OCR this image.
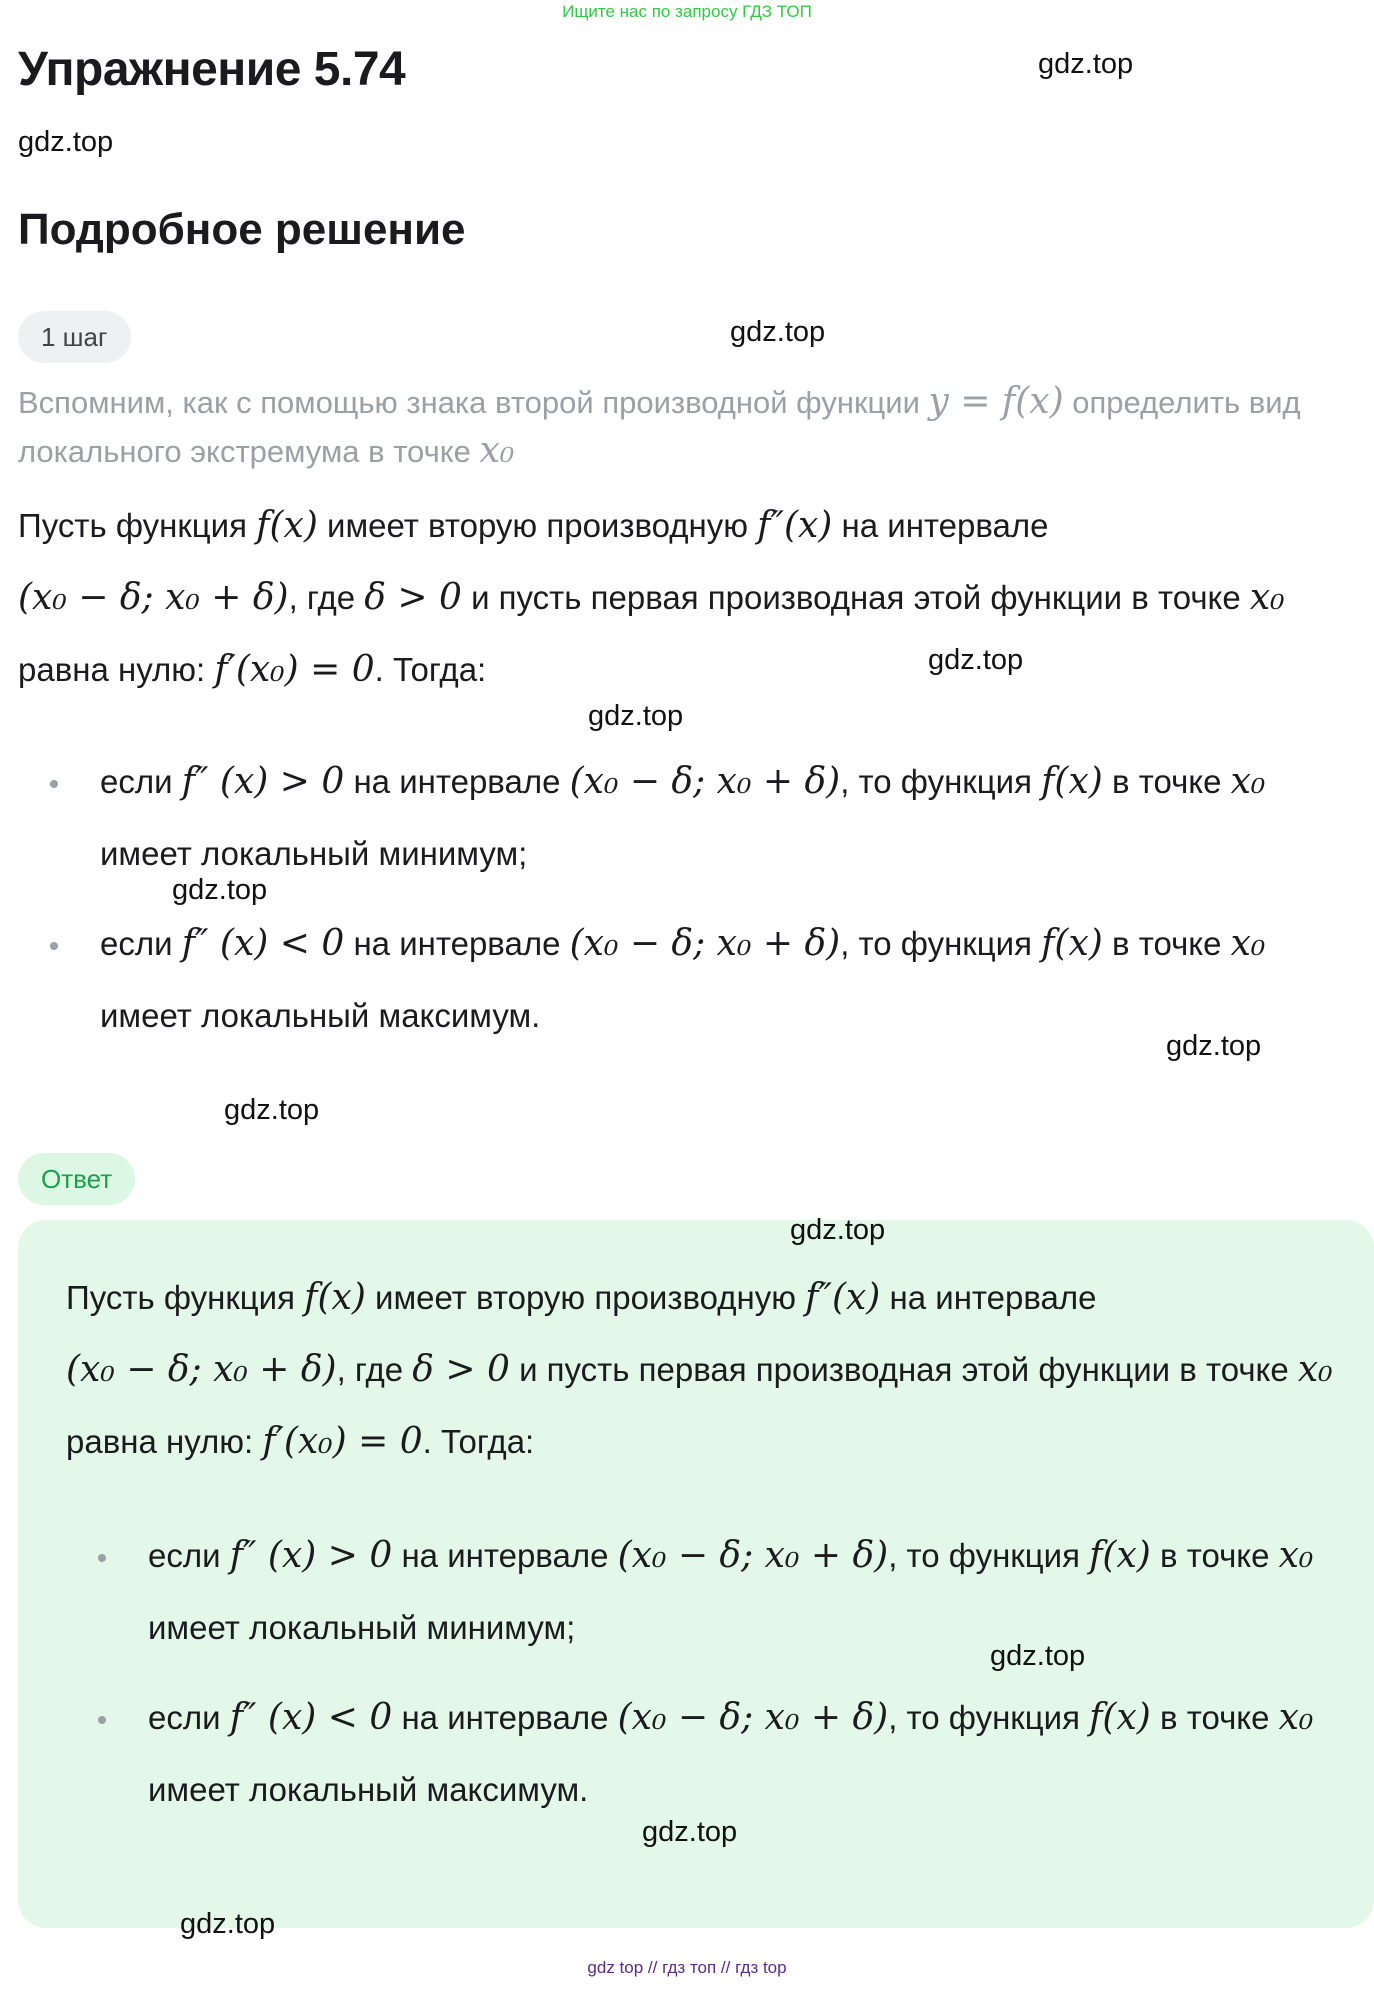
Ищите нас по запросу ГДЗ ТОП
Упражнение 5.74	gdz.top
gdz.top
Подробное решение
1 шаг	gdz.top
Вспомним, как с помощью знака второй производной функции y = f(x) определить вид локального экстремума в точке x₀
Пусть функция f(x) имеет вторую производную f″(x) на интервале
(x₀ − δ; x₀ + δ), где δ > 0 и пусть первая производная этой функции в точке x₀ равна нулю: f′(x₀) = 0. Тогда:	gdz.top
gdz.top
если f″ (x) > 0 на интервале (x₀ − δ; x₀ + δ), то функция f(x) в точке x₀ имеет локальный минимум;
если f″ (x) < 0 на интервале (x₀ − δ; x₀ + δ), то функция f(x) в точке x₀ имеет локальный максимум.
gdz.top
gdz.top
gdz.top
Ответ
gdz.top
Пусть функция f(x) имеет вторую производную f″(x) на интервале
(x₀ − δ; x₀ + δ), где δ > 0 и пусть первая производная этой функции в точке x₀ равна нулю: f′(x₀) = 0. Тогда:
если f″ (x) > 0 на интервале (x₀ − δ; x₀ + δ), то функция f(x) в точке x₀ имеет локальный минимум;
если f″ (x) < 0 на интервале (x₀ − δ; x₀ + δ), то функция f(x) в точке x₀ имеет локальный максимум.
gdz.top
gdz.top
gdz.top
gdz top // гдз топ // гдз top
